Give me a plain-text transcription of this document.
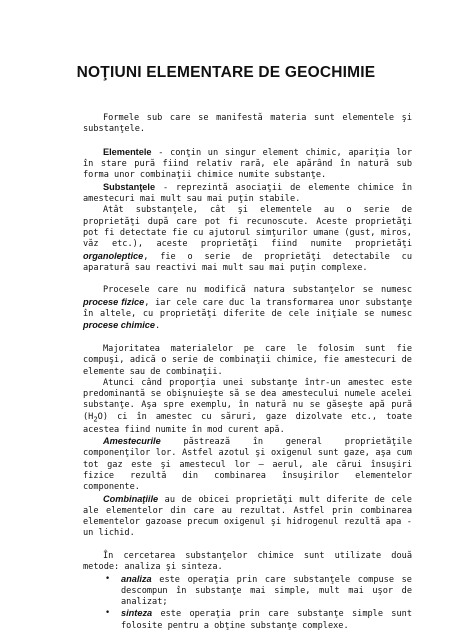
NOŢIUNI ELEMENTARE DE GEOCHIMIE

Formele sub care se manifestă materia sunt elementele şi substanţele.

Elementele - conţin un singur element chimic, apariţia lor în stare pură fiind relativ rară, ele apărând în natură sub forma unor combinaţii chimice numite substanţe.

Substanţele - reprezintă asociaţii de elemente chimice în amestecuri mai mult sau mai puţin stabile.

Atât substanţele, cât şi elementele au o serie de proprietăţi după care pot fi recunoscute. Aceste proprietăţi pot fi detectate fie cu ajutorul simţurilor umane (gust, miros, văz etc.), aceste proprietăţi fiind numite proprietăţi organoleptice, fie o serie de proprietăţi detectabile cu aparatură sau reactivi mai mult sau mai puţin complexe.

Procesele care nu modifică natura substanţelor se numesc procese fizice, iar cele care duc la transformarea unor substanţe în altele, cu proprietăţi diferite de cele iniţiale se numesc procese chimice.

Majoritatea materialelor pe care le folosim sunt fie compuşi, adică o serie de combinaţii chimice, fie amestecuri de elemente sau de combinaţii.

Atunci când proporţia unei substanţe într-un amestec este predominantă se obişnuieşte să se dea amestecului numele acelei substanţe. Aşa spre exemplu, în natură nu se găseşte apă pură $(H_2O)$ ci în amestec cu săruri, gaze dizolvate etc., toate acestea fiind numite în mod curent apă.

Amestecurile păstrează în general proprietăţile componenţilor lor. Astfel azotul şi oxigenul sunt gaze, aşa cum tot gaz este şi amestecul lor – aerul, ale cărui însuşiri fizice rezultă din combinarea însuşirilor elementelor componente.

Combinaţiile au de obicei proprietăţi mult diferite de cele ale elementelor din care au rezultat. Astfel prin combinarea elementelor gazoase precum oxigenul şi hidrogenul rezultă apa - un lichid.

În cercetarea substanţelor chimice sunt utilizate două metode: analiza şi sinteza.

• analiza este operaţia prin care substanţele compuse se descompun în substanţe mai simple, mult mai uşor de analizat;
• sinteza este operaţia prin care substanţe simple sunt folosite pentru a obţine substanţe complexe.
